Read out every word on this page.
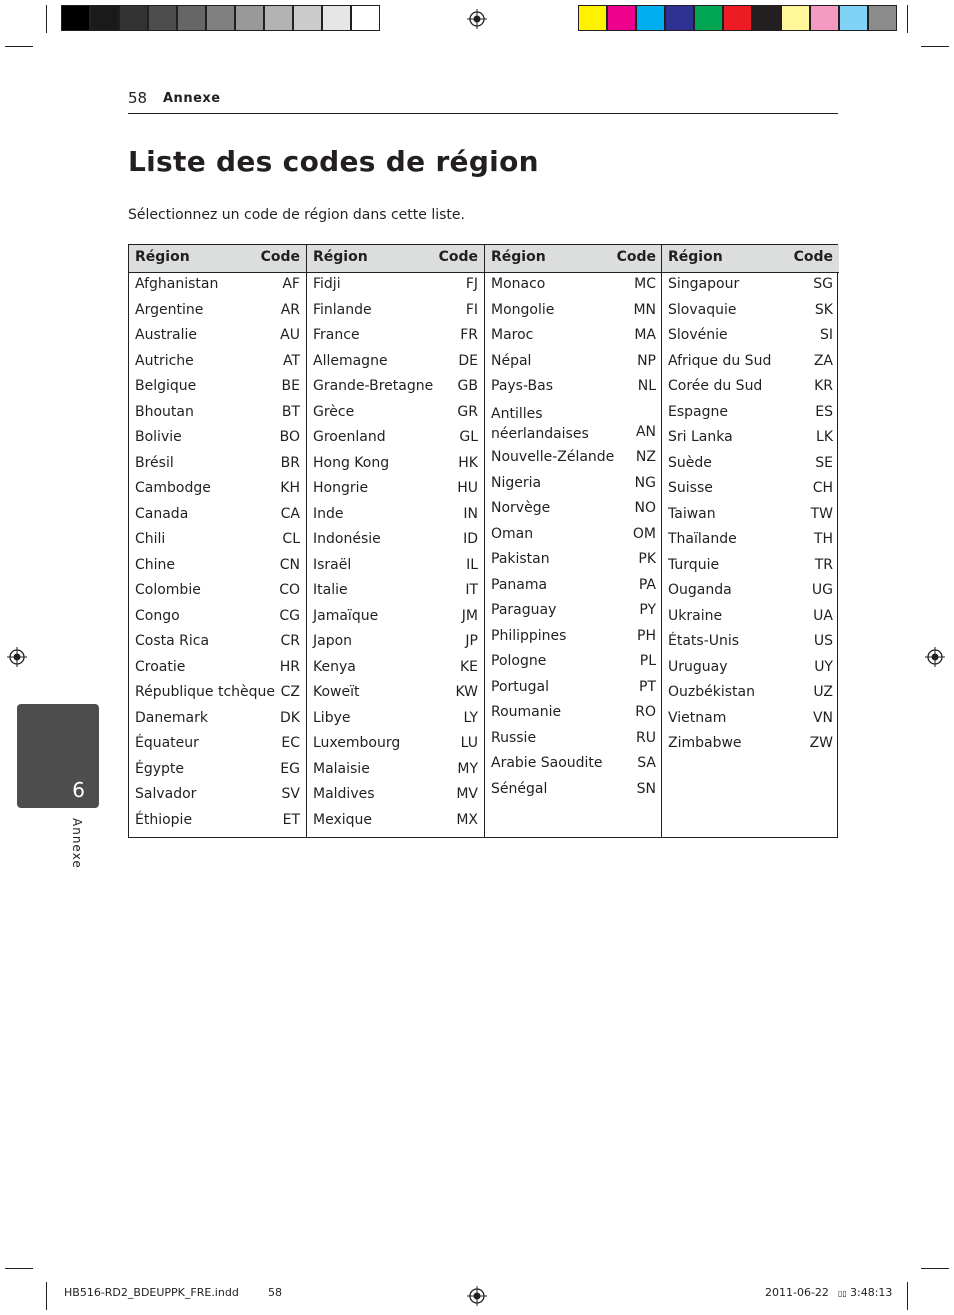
58 Annexe
Liste des codes de région
Sélectionnez un code de région dans cette liste.
Région	Code
Afghanistan	AF
Argentine	AR
Australie	AU
Autriche	AT
Belgique	BE
Bhoutan	BT
Bolivie	BO
Brésil	BR
Cambodge	KH
Canada	CA
Chili	CL
Chine	CN
Colombie	CO
Congo	CG
Costa Rica	CR
Croatie	HR
République tchèque CZ
Danemark	DK
Équateur	EC
Égypte	EG
Salvador	SV
Éthiopie	ET
Région	Code
Fidji	FJ
Finlande	FI
France	FR
Allemagne	DE
Grande-Bretagne GB
Grèce	GR
Groenland	GL
Hong Kong	HK
Hongrie	HU
Inde	IN
Indonésie	ID
Israël	IL
Italie	IT
Jamaïque	JM
Japon	JP
Kenya	KE
Koweït	KW
Libye	LY
Luxembourg	LU
Malaisie	MY
Maldives	MV
Mexique	MX
Région	Code
Monaco	MC
Mongolie	MN
Maroc	MA
Népal	NP
Pays-Bas	NL
Antilles néerlandaises	AN
Nouvelle-Zélande NZ
Nigeria	NG
Norvège	NO
Oman	OM
Pakistan	PK
Panama	PA
Paraguay	PY
Philippines	PH
Pologne	PL
Portugal	PT
Roumanie	RO
Russie	RU
Arabie Saoudite SA
Sénégal	SN
Région	Code
Singapour	SG
Slovaquie	SK
Slovénie	SI
Afrique du Sud	ZA
Corée du Sud	KR
Espagne	ES
Sri Lanka	LK
Suède	SE
Suisse	CH
Taiwan	TW
Thaïlande	TH
Turquie	TR
Ouganda	UG
Ukraine	UA
États-Unis	US
Uruguay	UY
Ouzbékistan	UZ
Vietnam	VN
Zimbabwe	ZW
6
Annexe
HB516-RD2_BDEUPPK_FRE.indd	58	2011-06-22 ▯▯ 3:48:13
